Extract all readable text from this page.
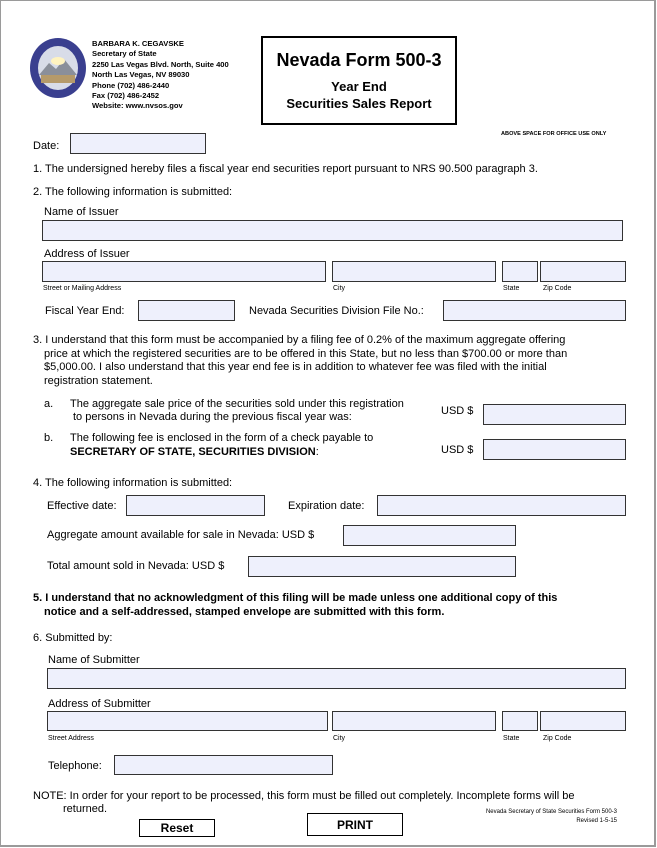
BARBARA K. CEGAVSKE
Secretary of State
2250 Las Vegas Blvd. North, Suite 400
North Las Vegas, NV 89030
Phone (702) 486-2440
Fax (702) 486-2452
Website: www.nvsos.gov
Nevada Form 500-3
Year End
Securities Sales Report
ABOVE SPACE FOR OFFICE USE ONLY
Date:
1. The undersigned hereby files a fiscal year end securities report pursuant to NRS 90.500 paragraph 3.
2. The following information is submitted:
Name of Issuer
Address of Issuer
Street or Mailing Address	City	State	Zip Code
Fiscal Year End:	Nevada Securities Division File No.:
3. I understand that this form must be accompanied by a filing fee of 0.2% of the maximum aggregate offering
price at which the registered securities are to be offered in this State, but no less than $700.00 or more than
$5,000.00. I also understand that this year end fee is in addition to whatever fee was filed with the initial
registration statement.
a. The aggregate sale price of the securities sold under this registration
to persons in Nevada during the previous fiscal year was:	USD $
b. The following fee is enclosed in the form of a check payable to
SECRETARY OF STATE, SECURITIES DIVISION:	USD $
4. The following information is submitted:
Effective date:	Expiration date:
Aggregate amount available for sale in Nevada: USD $
Total amount sold in Nevada: USD $
5. I understand that no acknowledgment of this filing will be made unless one additional copy of this
notice and a self-addressed, stamped envelope are submitted with this form.
6. Submitted by:
Name of Submitter
Address of Submitter
Street Address	City	State	Zip Code
Telephone:
NOTE: In order for your report to be processed, this form must be filled out completely. Incomplete forms will be
returned.
Reset	PRINT
Nevada Secretary of State Securities Form 500-3
Revised 1-5-15
